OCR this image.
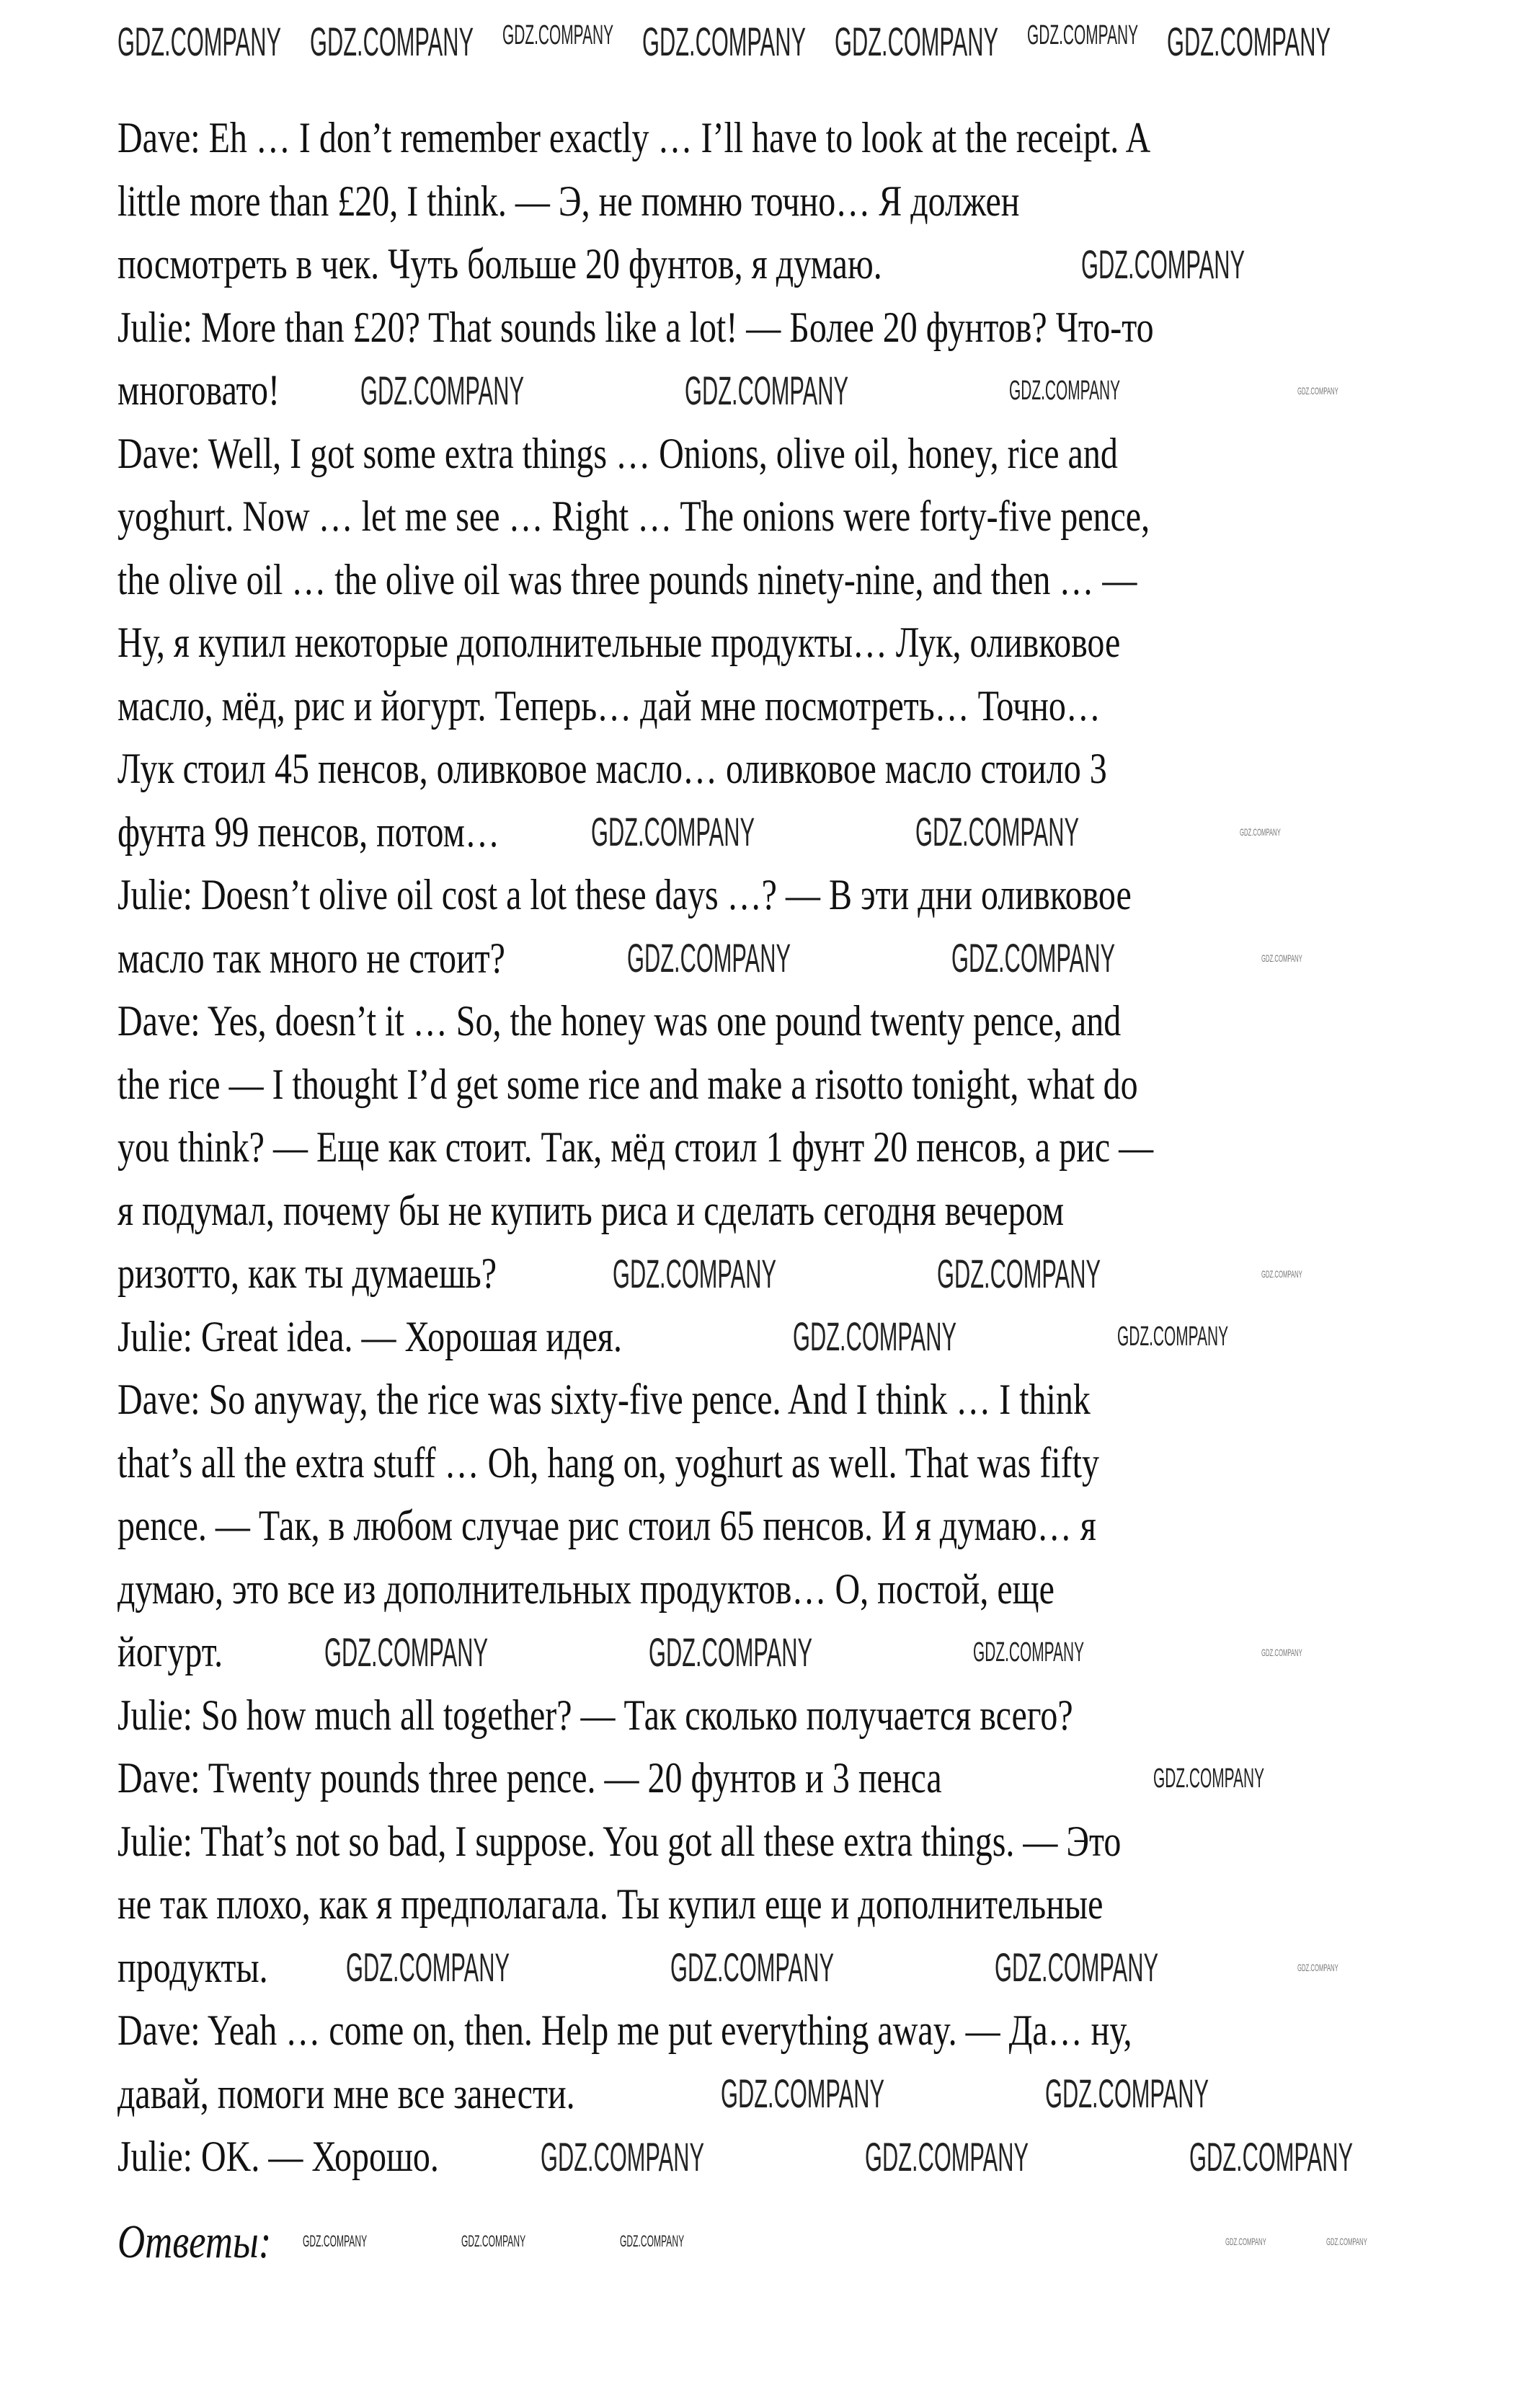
Dave: Eh … I don’t remember exactly … I’ll have to look at the receipt. A
little more than £20, I think. — Э, не помню точно… Я должен
посмотреть в чек. Чуть больше 20 фунтов, я думаю.
Julie: More than £20? That sounds like a lot! — Более 20 фунтов? Что-то
многовато!
Dave: Well, I got some extra things … Onions, olive oil, honey, rice and
yoghurt. Now … let me see … Right … The onions were forty-five pence,
the olive oil … the olive oil was three pounds ninety-nine, and then … —
Ну, я купил некоторые дополнительные продукты… Лук, оливковое
масло, мёд, рис и йогурт. Теперь… дай мне посмотреть… Точно…
Лук стоил 45 пенсов, оливковое масло… оливковое масло стоило 3
фунта 99 пенсов, потом…
Julie: Doesn’t olive oil cost a lot these days …? — В эти дни оливковое
масло так много не стоит?
Dave: Yes, doesn’t it … So, the honey was one pound twenty pence, and
the rice — I thought I’d get some rice and make a risotto tonight, what do
you think? — Еще как стоит. Так, мёд стоил 1 фунт 20 пенсов, а рис —
я подумал, почему бы не купить риса и сделать сегодня вечером
ризотто, как ты думаешь?
Julie: Great idea. — Хорошая идея.
Dave: So anyway, the rice was sixty-five pence. And I think … I think
that’s all the extra stuff … Oh, hang on, yoghurt as well. That was fifty
pence. — Так, в любом случае рис стоил 65 пенсов. И я думаю… я
думаю, это все из дополнительных продуктов… О, постой, еще
йогурт.
Julie: So how much all together? — Так сколько получается всего?
Dave: Twenty pounds three pence. — 20 фунтов и 3 пенса
Julie: That’s not so bad, I suppose. You got all these extra things. — Это
не так плохо, как я предполагала. Ты купил еще и дополнительные
продукты.
Dave: Yeah … come on, then. Help me put everything away. — Да… ну,
давай, помоги мне все занести.
Julie: OK. — Хорошо.
Ответы:
GDZ.COMPANY
GDZ.COMPANY	GDZ.COMPANY	GDZ.COMPANY	GDZ.COMPANY
GDZ.COMPANY	GDZ.COMPANY	GDZ.COMPANY
GDZ.COMPANY	GDZ.COMPANY	GDZ.COMPANY
GDZ.COMPANY	GDZ.COMPANY	GDZ.COMPANY
GDZ.COMPANY	GDZ.COMPANY
GDZ.COMPANY	GDZ.COMPANY	GDZ.COMPANY	GDZ.COMPANY
GDZ.COMPANY
GDZ.COMPANY	GDZ.COMPANY	GDZ.COMPANY	GDZ.COMPANY
GDZ.COMPANY	GDZ.COMPANY
GDZ.COMPANY	GDZ.COMPANY	GDZ.COMPANY
GDZ.COMPANY	GDZ.COMPANY	GDZ.COMPANY	GDZ.COMPANY	GDZ.COMPANY
GDZ.COMPANY GDZ.COMPANY GDZ.COMPANY GDZ.COMPANY GDZ.COMPANY GDZ.COMPANY GDZ.COMPANY
